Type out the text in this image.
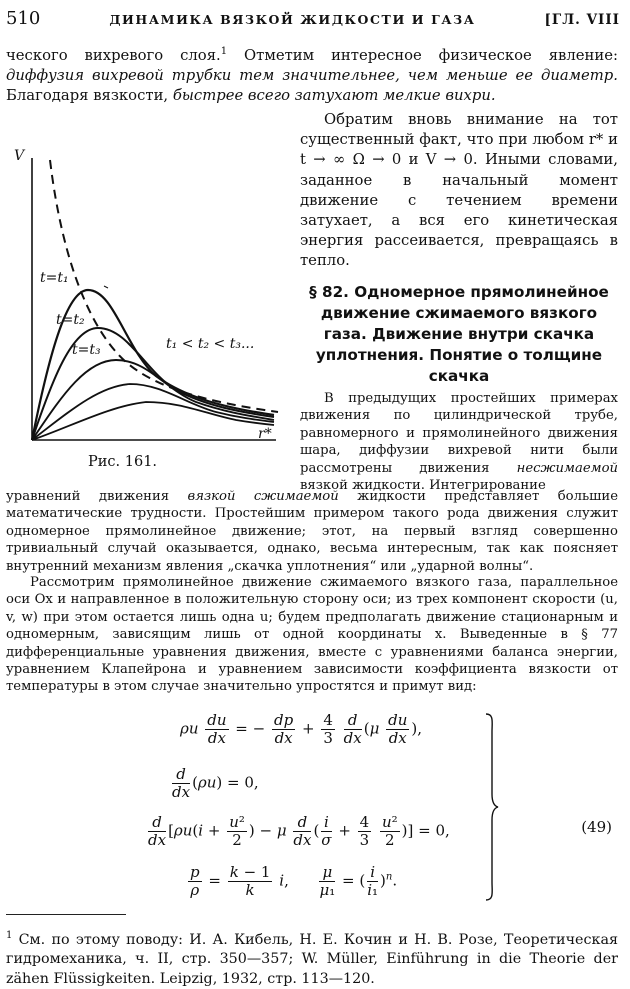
510	ДИНАМИКА ВЯЗКОЙ ЖИДКОСТИ И ГАЗА	[ГЛ. VIII

ческого вихревого слоя.$^1$ Отметим интересное физическое явление: диффузия вихревой трубки тем значительнее, чем меньше ее диаметр. Благодаря вязкости, быстрее всего затухают мелкие вихри.

Обратим вновь внимание на тот существенный факт, что при любом r* и t → ∞ Ω → 0 и V → 0. Иными словами, заданное в начальный момент движение с течением времени затухает, а вся его кинетическая энергия рассеивается, превращаясь в тепло.

V
r*
t=t₁
t=t₂
t=t₃	t₁ < t₂ < t₃...
Рис. 161.
§ 82. Одномерное прямолинейное движение сжимаемого вязкого газа. Движение внутри скачка уплотнения. Понятие о толщине скачка

В предыдущих простейших примерах движения по цилиндрической трубе, равномерного и прямолинейного движения шара, диффузии вихревой нити были рассмотрены движения несжимаемой вязкой жидкости. Интегрирование

уравнений движения вязкой сжимаемой жидкости представляет большие математические трудности. Простейшим примером такого рода движения служит одномерное прямолинейное движение; этот, на первый взгляд совершенно тривиальный случай оказывается, однако, весьма интересным, так как поясняет внутренний механизм явления „скачка уплотнения“ или „ударной волны“.

Рассмотрим прямолинейное движение сжимаемого вязкого газа, параллельное оси Ox и направленное в положительную сторону оси; из трех компонент скорости (u, v, w) при этом остается лишь одна u; будем предполагать движение стационарным и одномерным, зависящим лишь от одной координаты x. Выведенные в § 77 дифференциальные уравнения движения, вместе с уравнениями баланса энергии, уравнением Клапейрона и уравнением зависимости коэффициента вязкости от температуры в этом случае значительно упростятся и примут вид:

ρu $\frac{du}{dx}$ = − $\frac{dp}{dx} + \frac{4}{3}$
$\frac{d}{dx} (\mu \frac{du}{dx}$ ),
$\frac{d}{dx} (\rho u) = 0$,
$\frac{d}{dx} [\rho u(i + \frac{\text{u²}}{2}$ ) − μ $\frac{d}{dx}$ ( $\frac{i}{\sigma} + \frac{4}{3}$
$\frac{\text{u²}}{2}$ )] = 0,
$\frac{p}{\rho} = \frac{k - 1}{k} i$, $\frac{\mu}{\text{μ₁}}$ = ( $\frac{i}{\text{i₁}} )^n$.
(49)
$^1$ См. по этому поводу: И. А. Кибель, Н. Е. Кочин и Н. В. Розе, Теоретическая гидромеханика, ч. II, стр. 350—357; W. Müller, Einführung in die Theorie der zähen Flüssigkeiten. Leipzig, 1932, стр. 113—120.
